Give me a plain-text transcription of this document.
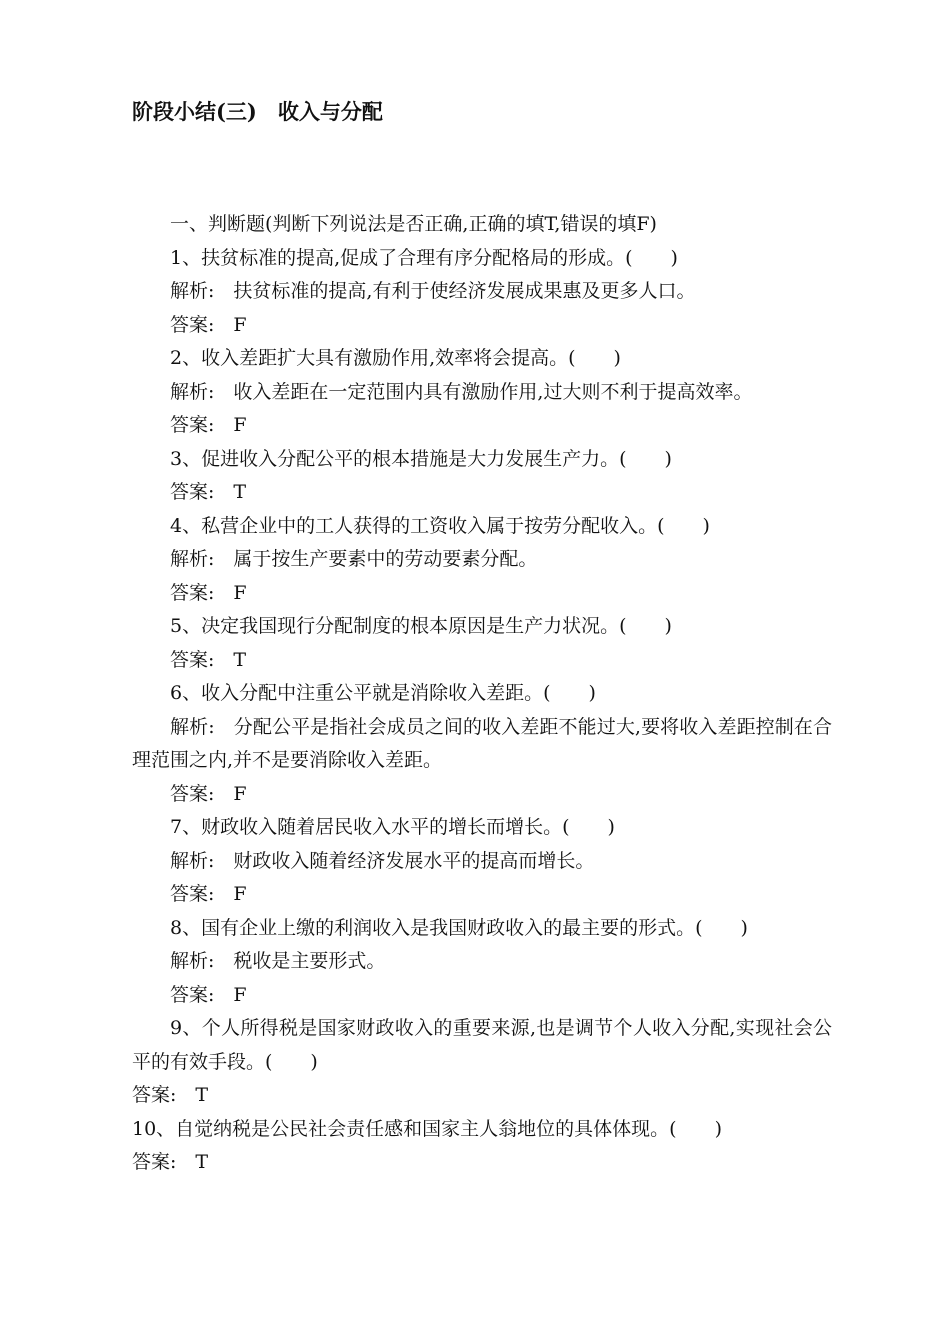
阶段小结(三)　收入与分配
一、判断题(判断下列说法是否正确,正确的填T,错误的填F)
1、扶贫标准的提高,促成了合理有序分配格局的形成。(　　)
解析:　扶贫标准的提高,有利于使经济发展成果惠及更多人口。
答案:　F
2、收入差距扩大具有激励作用,效率将会提高。(　　)
解析:　收入差距在一定范围内具有激励作用,过大则不利于提高效率。
答案:　F
3、促进收入分配公平的根本措施是大力发展生产力。(　　)
答案:　T
4、私营企业中的工人获得的工资收入属于按劳分配收入。(　　)
解析:　属于按生产要素中的劳动要素分配。
答案:　F
5、决定我国现行分配制度的根本原因是生产力状况。(　　)
答案:　T
6、收入分配中注重公平就是消除收入差距。(　　)
解析:　分配公平是指社会成员之间的收入差距不能过大,要将收入差距控制在合理范围之内,并不是要消除收入差距。
答案:　F
7、财政收入随着居民收入水平的增长而增长。(　　)
解析:　财政收入随着经济发展水平的提高而增长。
答案:　F
8、国有企业上缴的利润收入是我国财政收入的最主要的形式。(　　)
解析:　税收是主要形式。
答案:　F
9、个人所得税是国家财政收入的重要来源,也是调节个人收入分配,实现社会公平的有效手段。(　　)
答案:　T
10、自觉纳税是公民社会责任感和国家主人翁地位的具体体现。(　　)
答案:　T
